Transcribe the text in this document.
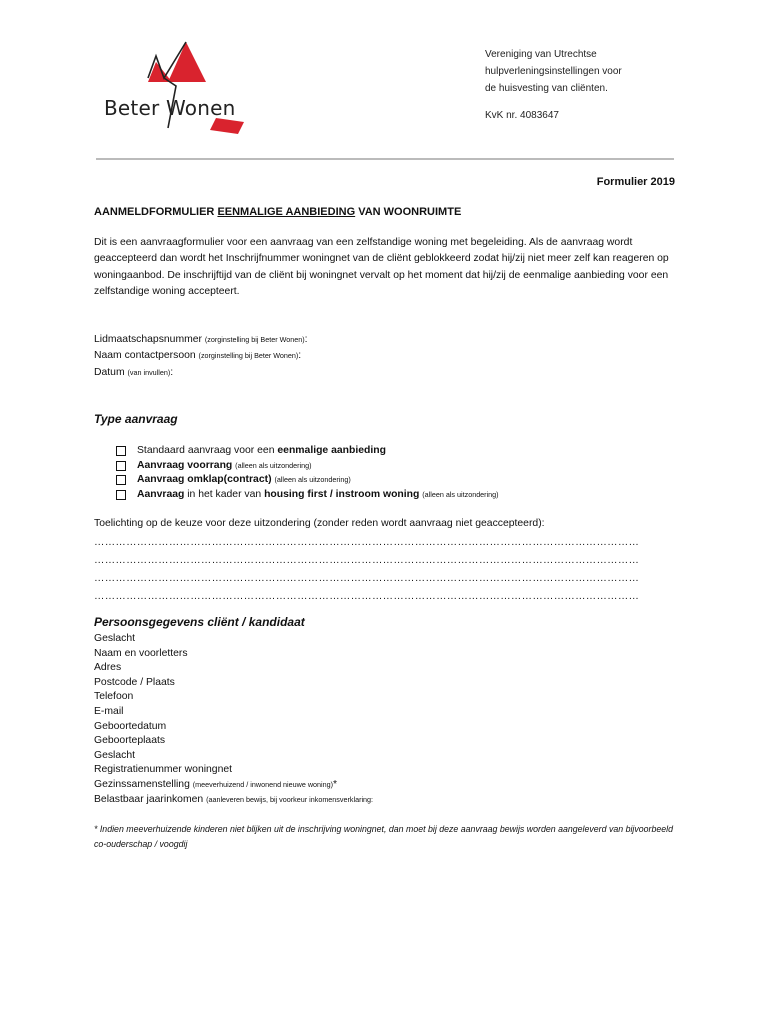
Beter Wonen
Vereniging van Utrechtse
hulpverleningsinstellingen voor
de huisvesting van cliënten.
KvK nr. 4083647
Formulier 2019
AANMELDFORMULIER EENMALIGE AANBIEDING VAN WOONRUIMTE
Dit is een aanvraagformulier voor een aanvraag van een zelfstandige woning met begeleiding. Als de aanvraag wordt geaccepteerd dan wordt het Inschrijfnummer woningnet van de cliënt geblokkeerd zodat hij/zij niet meer zelf kan reageren op woningaanbod. De inschrijftijd van de cliënt bij woningnet vervalt op het moment dat hij/zij de eenmalige aanbieding voor een zelfstandige woning accepteert.
Lidmaatschapsnummer (zorginstelling bij Beter Wonen):
Naam contactpersoon (zorginstelling bij Beter Wonen):
Datum (van invullen):
Type aanvraag
Standaard aanvraag voor een eenmalige aanbieding
Aanvraag voorrang (alleen als uitzondering)
Aanvraag omklap(contract) (alleen als uitzondering)
Aanvraag in het kader van housing first / instroom woning (alleen als uitzondering)
Toelichting op de keuze voor deze uitzondering (zonder reden wordt aanvraag niet geaccepteerd):
………………………………………………………………………………………………………………………………………
………………………………………………………………………………………………………………………………………
………………………………………………………………………………………………………………………………………
………………………………………………………………………………………………………………………………………
Persoonsgegevens cliënt / kandidaat
Geslacht
Naam en voorletters
Adres
Postcode / Plaats
Telefoon
E-mail
Geboortedatum
Geboorteplaats
Geslacht
Registratienummer woningnet
Gezinssamenstelling (meeverhuizend / inwonend nieuwe woning)*
Belastbaar jaarinkomen (aanleveren bewijs, bij voorkeur inkomensverklaring:
* Indien meeverhuizende kinderen niet blijken uit de inschrijving woningnet, dan moet bij deze aanvraag bewijs worden aangeleverd van bijvoorbeeld co-ouderschap / voogdij
